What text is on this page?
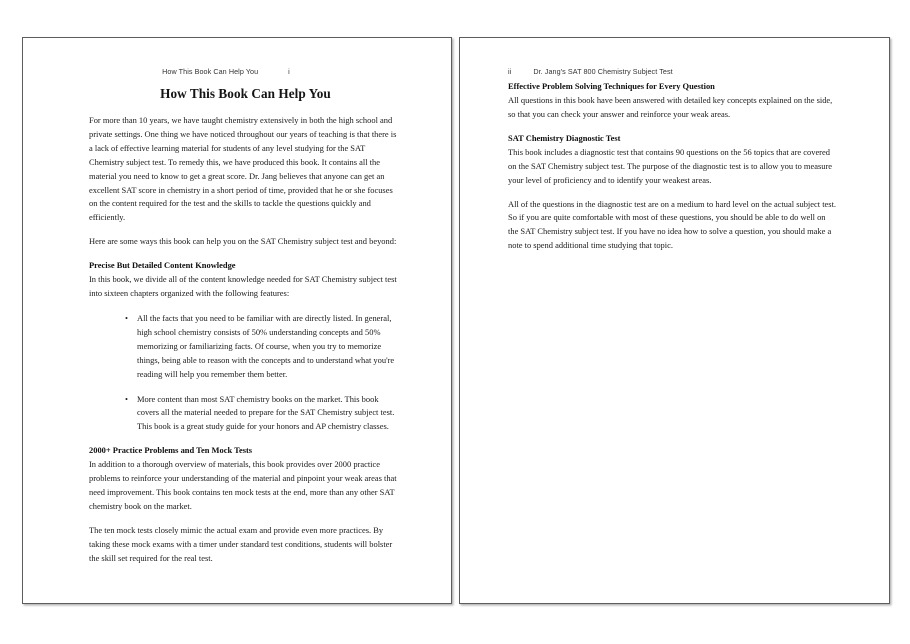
How This Book Can Help You	i
How This Book Can Help You

For more than 10 years, we have taught chemistry extensively in both the high school and private settings. One thing we have noticed throughout our years of teaching is that there is a lack of effective learning material for students of any level studying for the SAT Chemistry subject test. To remedy this, we have produced this book. It contains all the material you need to know to get a great score. Dr. Jang believes that anyone can get an excellent SAT score in chemistry in a short period of time, provided that he or she focuses on the content required for the test and the skills to tackle the questions quickly and efficiently.

Here are some ways this book can help you on the SAT Chemistry subject test and beyond:

Precise But Detailed Content Knowledge

In this book, we divide all of the content knowledge needed for SAT Chemistry subject test into sixteen chapters organized with the following features:

• All the facts that you need to be familiar with are directly listed. In general, high school chemistry consists of 50% understanding concepts and 50% memorizing or familiarizing facts. Of course, when you try to memorize things, being able to reason with the concepts and to understand what you're reading will help you remember them better.
• More content than most SAT chemistry books on the market. This book covers all the material needed to prepare for the SAT Chemistry subject test. This book is a great study guide for your honors and AP chemistry classes.
2000+ Practice Problems and Ten Mock Tests

In addition to a thorough overview of materials, this book provides over 2000 practice problems to reinforce your understanding of the material and pinpoint your weak areas that need improvement. This book contains ten mock tests at the end, more than any other SAT chemistry book on the market.

The ten mock tests closely mimic the actual exam and provide even more practices. By taking these mock exams with a timer under standard test conditions, students will bolster the skill set required for the real test.

ii	Dr. Jang's SAT 800 Chemistry Subject Test
Effective Problem Solving Techniques for Every Question

All questions in this book have been answered with detailed key concepts explained on the side, so that you can check your answer and reinforce your weak areas.

SAT Chemistry Diagnostic Test

This book includes a diagnostic test that contains 90 questions on the 56 topics that are covered on the SAT Chemistry subject test. The purpose of the diagnostic test is to allow you to measure your level of proficiency and to identify your weakest areas.

All of the questions in the diagnostic test are on a medium to hard level on the actual subject test. So if you are quite comfortable with most of these questions, you should be able to do well on the SAT Chemistry subject test. If you have no idea how to solve a question, you should make a note to spend additional time studying that topic.
